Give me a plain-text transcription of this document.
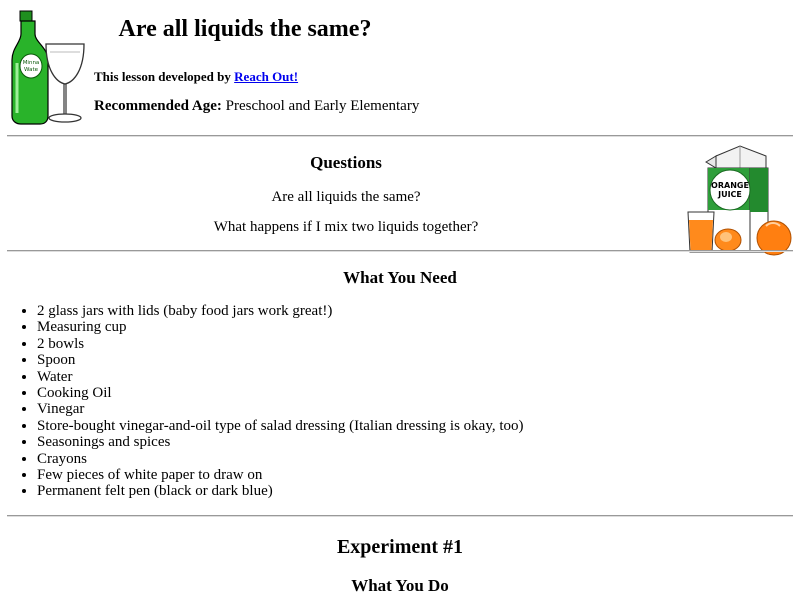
Minna
Wate
Are all liquids the same?
This lesson developed by Reach Out!
Recommended Age: Preschool and Early Elementary
Questions
Are all liquids the same?
What happens if I mix two liquids together?
ORANGE
JUICE
What You Need
• 2 glass jars with lids (baby food jars work great!)
• Measuring cup
• 2 bowls
• Spoon
• Water
• Cooking Oil
• Vinegar
• Store-bought vinegar-and-oil type of salad dressing (Italian dressing is okay, too)
• Seasonings and spices
• Crayons
• Few pieces of white paper to draw on
• Permanent felt pen (black or dark blue)
Experiment #1
What You Do
